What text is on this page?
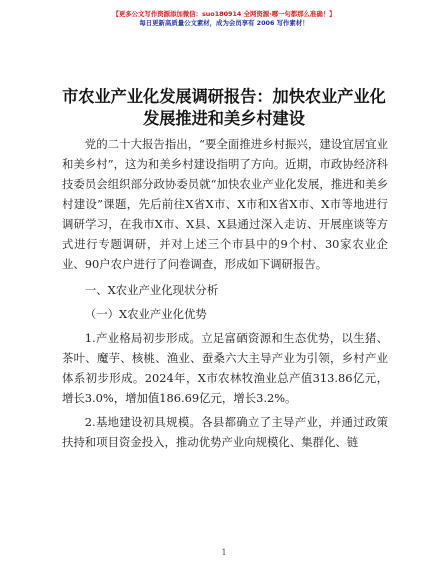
【更多公文写作资源添加微信：suo180914 全网资源·哪一句都那么准确！】
每日更新高质量公文素材，成为会员享有 2006 写作素材！
市农业产业化发展调研报告：加快农业产业化发展推进和美乡村建设

党的二十大报告指出，“要全面推进乡村振兴，建设宜居宜业和美乡村”，这为和美乡村建设指明了方向。近期，市政协经济科技委员会组织部分政协委员就“加快农业产业化发展，推进和美乡村建设”课题，先后前往X省X市、X市和X省X市、X市等地进行调研学习，在我市X市、X县、X县通过深入走访、开展座谈等方式进行专题调研，并对上述三个市县中的9个村、30家农业企业、90户农户进行了问卷调查，形成如下调研报告。

一、X农业产业化现状分析

（一）X农业产业化优势

1.产业格局初步形成。立足富硒资源和生态优势，以生猪、茶叶、魔芋、核桃、渔业、蚕桑六大主导产业为引领，乡村产业体系初步形成。2024年，X市农林牧渔业总产值313.86亿元，增长3.0%，增加值186.69亿元，增长3.2%。

2.基地建设初具规模。各县都确立了主导产业，并通过政策扶持和项目资金投入，推动优势产业向规模化、集群化、链

1
